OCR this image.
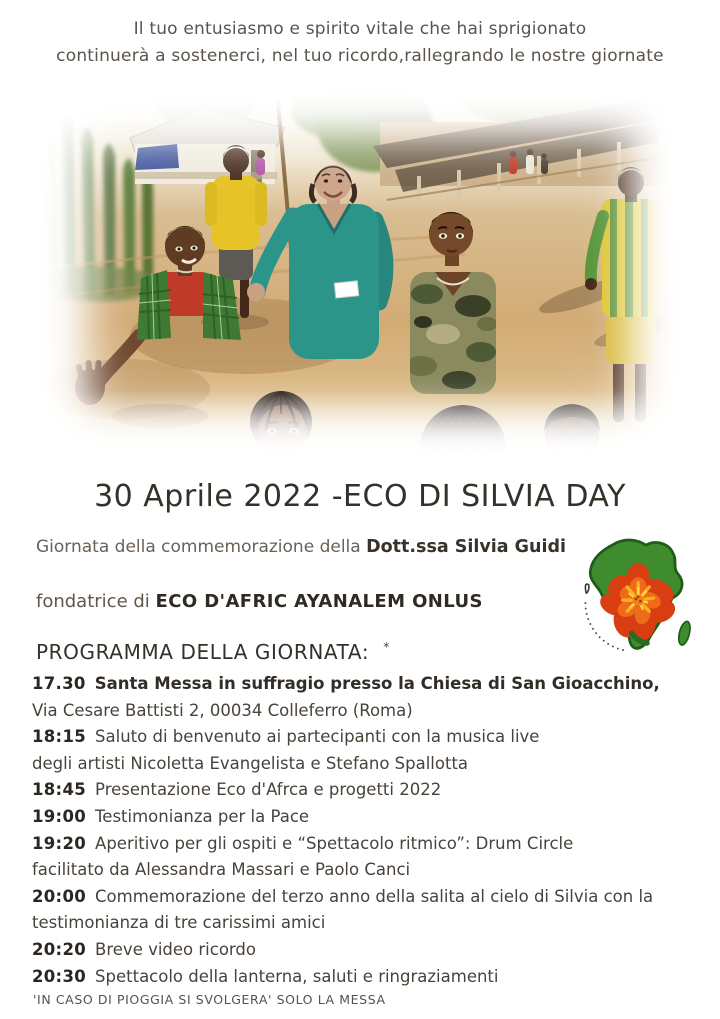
Il tuo entusiasmo e spirito vitale che hai sprigionato
continuerà a sostenerci, nel tuo ricordo,rallegrando le nostre giornate
30 Aprile 2022 -ECO DI SILVIA DAY
Giornata della commemorazione della Dott.ssa Silvia Guidi
fondatrice di ECO D'AFRIC AYANALEM ONLUS
PROGRAMMA DELLA GIORNATA: *
17.30 Santa Messa in suffragio presso la Chiesa di San Gioacchino,
Via Cesare Battisti 2, 00034 Colleferro (Roma)
18:15 Saluto di benvenuto ai partecipanti con la musica live
degli artisti Nicoletta Evangelista e Stefano Spallotta
18:45 Presentazione Eco d'Afrca e progetti 2022
19:00 Testimonianza per la Pace
19:20 Aperitivo per gli ospiti e “Spettacolo ritmico”: Drum Circle
facilitato da Alessandra Massari e Paolo Canci
20:00 Commemorazione del terzo anno della salita al cielo di Silvia con la
testimonianza di tre carissimi amici
20:20 Breve video ricordo
20:30 Spettacolo della lanterna, saluti e ringraziamenti
'IN CASO DI PIOGGIA SI SVOLGERA' SOLO LA MESSA
